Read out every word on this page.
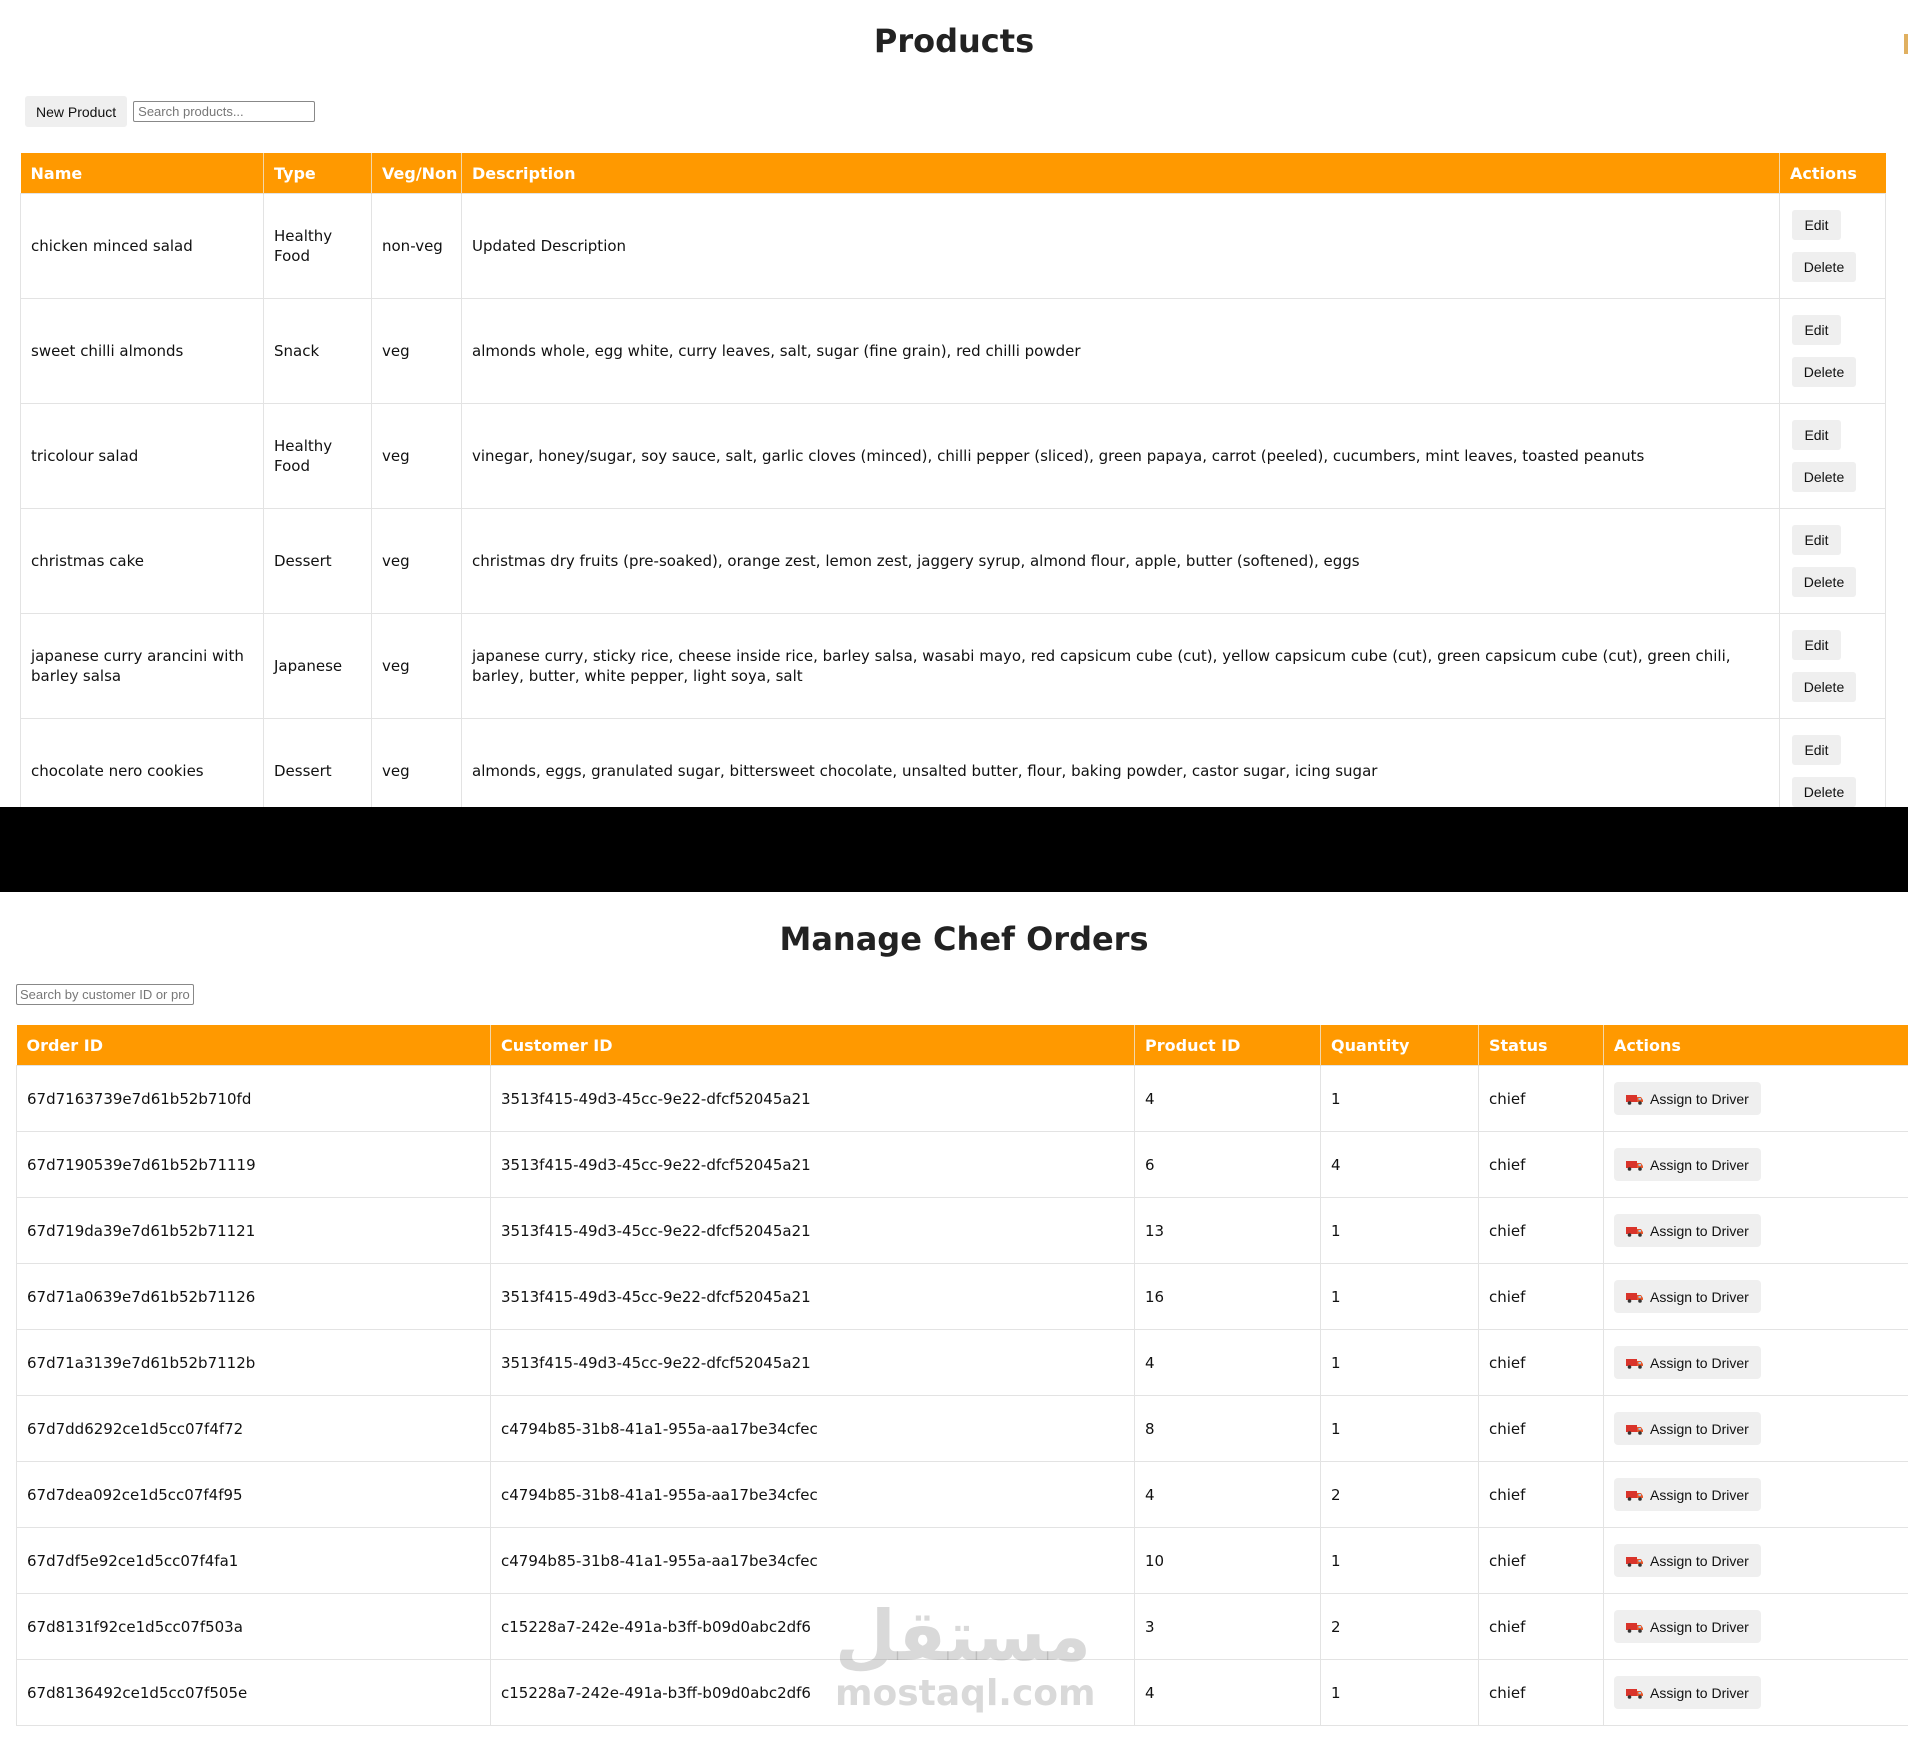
Products
New Product
Search products...
Name	Type	Veg/Non	Description	Actions
chicken minced salad	Healthy Food	non-veg	Updated Description	Edit
Delete

sweet chilli almonds	Snack	veg	almonds whole, egg white, curry leaves, salt, sugar (fine grain), red chilli powder	Edit
Delete

tricolour salad	Healthy Food	veg	vinegar, honey/sugar, soy sauce, salt, garlic cloves (minced), chilli pepper (sliced), green papaya, carrot (peeled), cucumbers, mint leaves, toasted peanuts	Edit
Delete

christmas cake	Dessert	veg	christmas dry fruits (pre-soaked), orange zest, lemon zest, jaggery syrup, almond flour, apple, butter (softened), eggs	Edit
Delete

japanese curry arancini with barley salsa	Japanese	veg	japanese curry, sticky rice, cheese inside rice, barley salsa, wasabi mayo, red capsicum cube (cut), yellow capsicum cube (cut), green capsicum cube (cut), green chili, barley, butter, white pepper, light soya, salt	Edit
Delete

chocolate nero cookies	Dessert	veg	almonds, eggs, granulated sugar, bittersweet chocolate, unsalted butter, flour, baking powder, castor sugar, icing sugar	Edit
Delete
Manage Chef Orders
Search by customer ID or product ID
Order ID	Customer ID	Product ID	Quantity	Status	Actions
67d7163739e7d61b52b710fd	3513f415-49d3-45cc-9e22-dfcf52045a21	4	1	chief	Assign to Driver

67d7190539e7d61b52b71119	3513f415-49d3-45cc-9e22-dfcf52045a21	6	4	chief	Assign to Driver

67d719da39e7d61b52b71121	3513f415-49d3-45cc-9e22-dfcf52045a21	13	1	chief	Assign to Driver

67d71a0639e7d61b52b71126	3513f415-49d3-45cc-9e22-dfcf52045a21	16	1	chief	Assign to Driver

67d71a3139e7d61b52b7112b	3513f415-49d3-45cc-9e22-dfcf52045a21	4	1	chief	Assign to Driver

67d7dd6292ce1d5cc07f4f72	c4794b85-31b8-41a1-955a-aa17be34cfec	8	1	chief	Assign to Driver

67d7dea092ce1d5cc07f4f95	c4794b85-31b8-41a1-955a-aa17be34cfec	4	2	chief	Assign to Driver

67d7df5e92ce1d5cc07f4fa1	c4794b85-31b8-41a1-955a-aa17be34cfec	10	1	chief	Assign to Driver

67d8131f92ce1d5cc07f503a	c15228a7-242e-491a-b3ff-b09d0abc2df6	3	2	chief	Assign to Driver

67d8136492ce1d5cc07f505e	c15228a7-242e-491a-b3ff-b09d0abc2df6	4	1	chief	Assign to Driver
مستقل
mostaql.com
